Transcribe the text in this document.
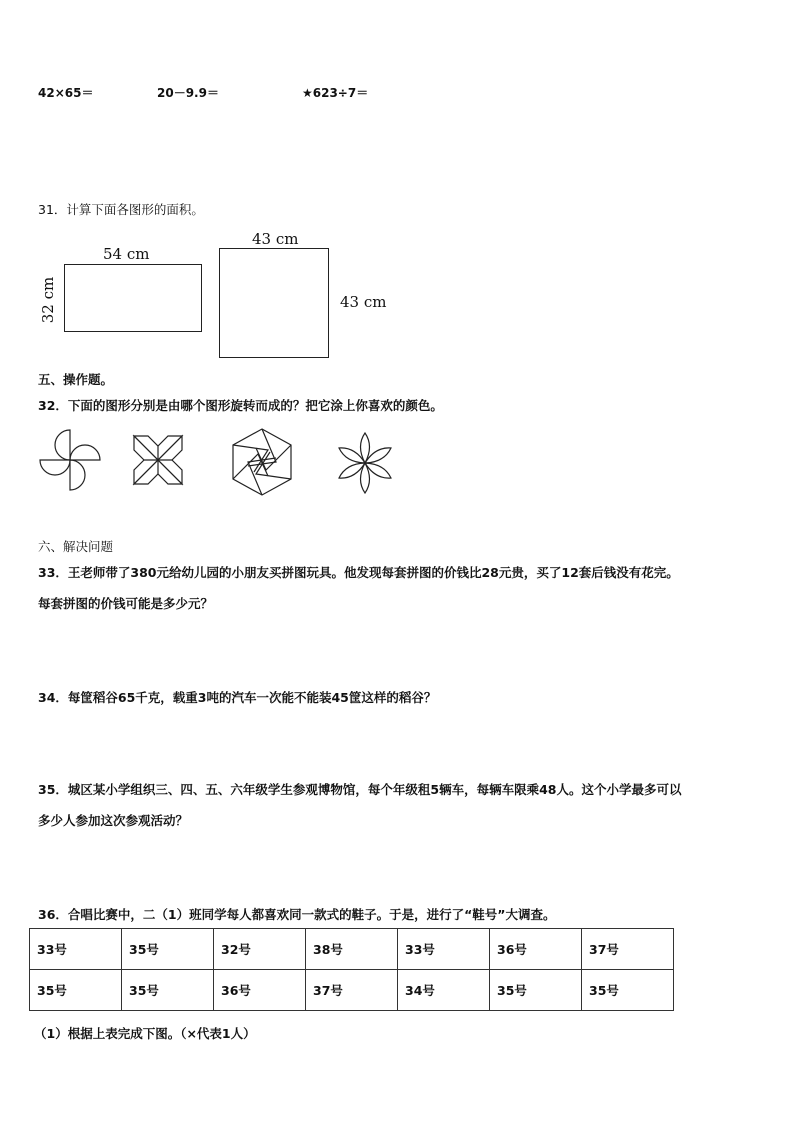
42×65＝	20－9.9＝	★623÷7＝
31．计算下面各图形的面积。
54 cm
32 cm
43 cm
43 cm
五、操作题。
32．下面的图形分别是由哪个图形旋转而成的？把它涂上你喜欢的颜色。
六、解决问题
33．王老师带了380元给幼儿园的小朋友买拼图玩具。他发现每套拼图的价钱比28元贵，买了12套后钱没有花完。
每套拼图的价钱可能是多少元？
34．每筐稻谷65千克，载重3吨的汽车一次能不能装45筐这样的稻谷？
35．城区某小学组织三、四、五、六年级学生参观博物馆，每个年级租5辆车，每辆车限乘48人。这个小学最多可以
多少人参加这次参观活动？
36．合唱比赛中，二（1）班同学每人都喜欢同一款式的鞋子。于是，进行了“鞋号”大调查。
33号	35号	32号	38号	33号	36号	37号
35号	35号	36号	37号	34号	35号	35号
（1）根据上表完成下图。（×代表1人）
